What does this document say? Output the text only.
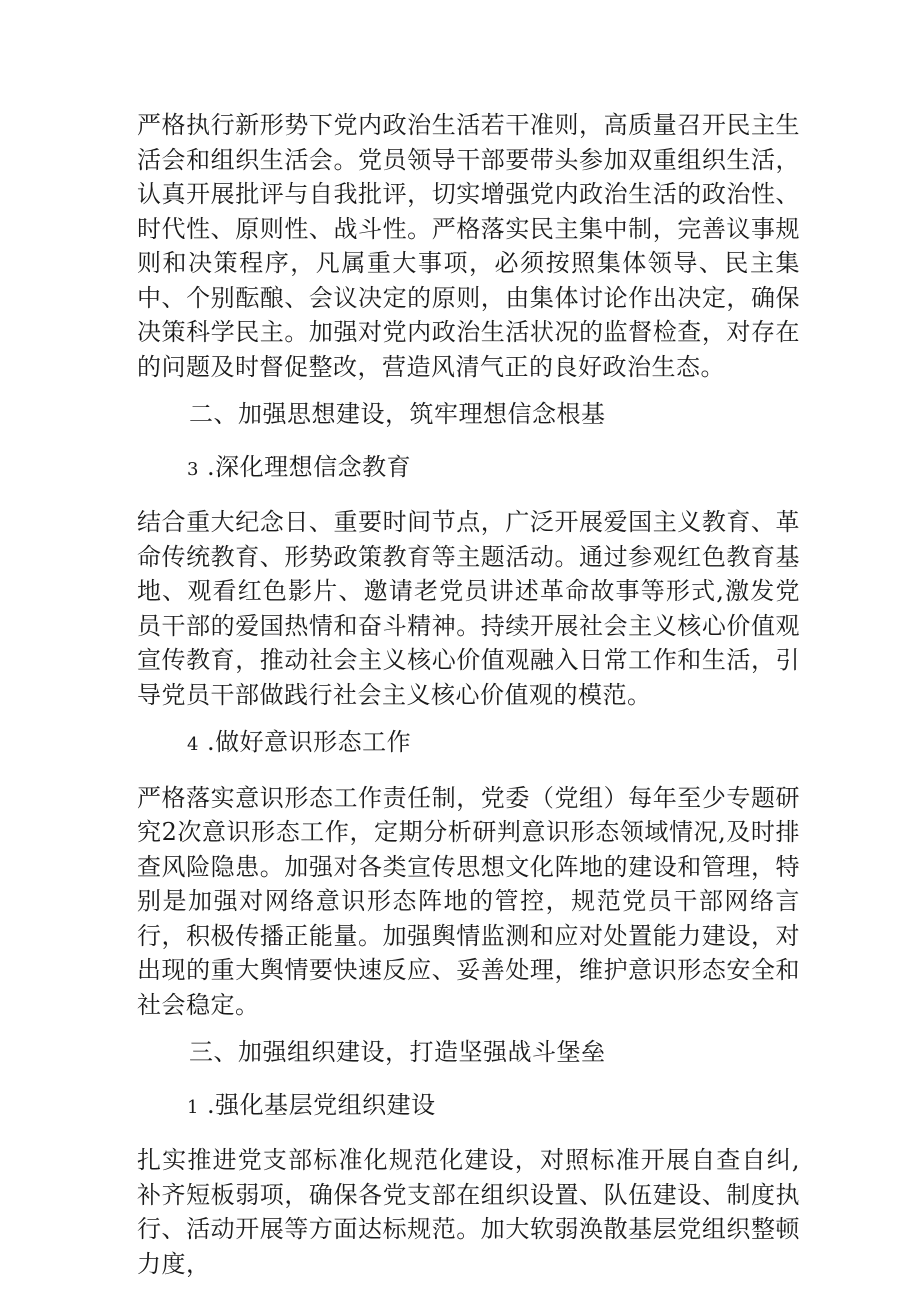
严格执行新形势下党内政治生活若干准则，高质量召开民主生活会和组织生活会。党员领导干部要带头参加双重组织生活，认真开展批评与自我批评，切实增强党内政治生活的政治性、时代性、原则性、战斗性。严格落实民主集中制，完善议事规则和决策程序，凡属重大事项，必须按照集体领导、民主集中、个别酝酿、会议决定的原则，由集体讨论作出决定，确保决策科学民主。加强对党内政治生活状况的监督检查，对存在的问题及时督促整改，营造风清气正的良好政治生态。

二、加强思想建设，筑牢理想信念根基

3 .深化理想信念教育

结合重大纪念日、重要时间节点，广泛开展爱国主义教育、革命传统教育、形势政策教育等主题活动。通过参观红色教育基地、观看红色影片、邀请老党员讲述革命故事等形式,激发党员干部的爱国热情和奋斗精神。持续开展社会主义核心价值观宣传教育，推动社会主义核心价值观融入日常工作和生活，引导党员干部做践行社会主义核心价值观的模范。

4 .做好意识形态工作

严格落实意识形态工作责任制，党委（党组）每年至少专题研究2次意识形态工作，定期分析研判意识形态领域情况,及时排查风险隐患。加强对各类宣传思想文化阵地的建设和管理，特别是加强对网络意识形态阵地的管控，规范党员干部网络言行，积极传播正能量。加强舆情监测和应对处置能力建设，对出现的重大舆情要快速反应、妥善处理，维护意识形态安全和社会稳定。

三、加强组织建设，打造坚强战斗堡垒

1 .强化基层党组织建设

扎实推进党支部标准化规范化建设，对照标准开展自查自纠,补齐短板弱项，确保各党支部在组织设置、队伍建设、制度执行、活动开展等方面达标规范。加大软弱涣散基层党组织整顿力度，
